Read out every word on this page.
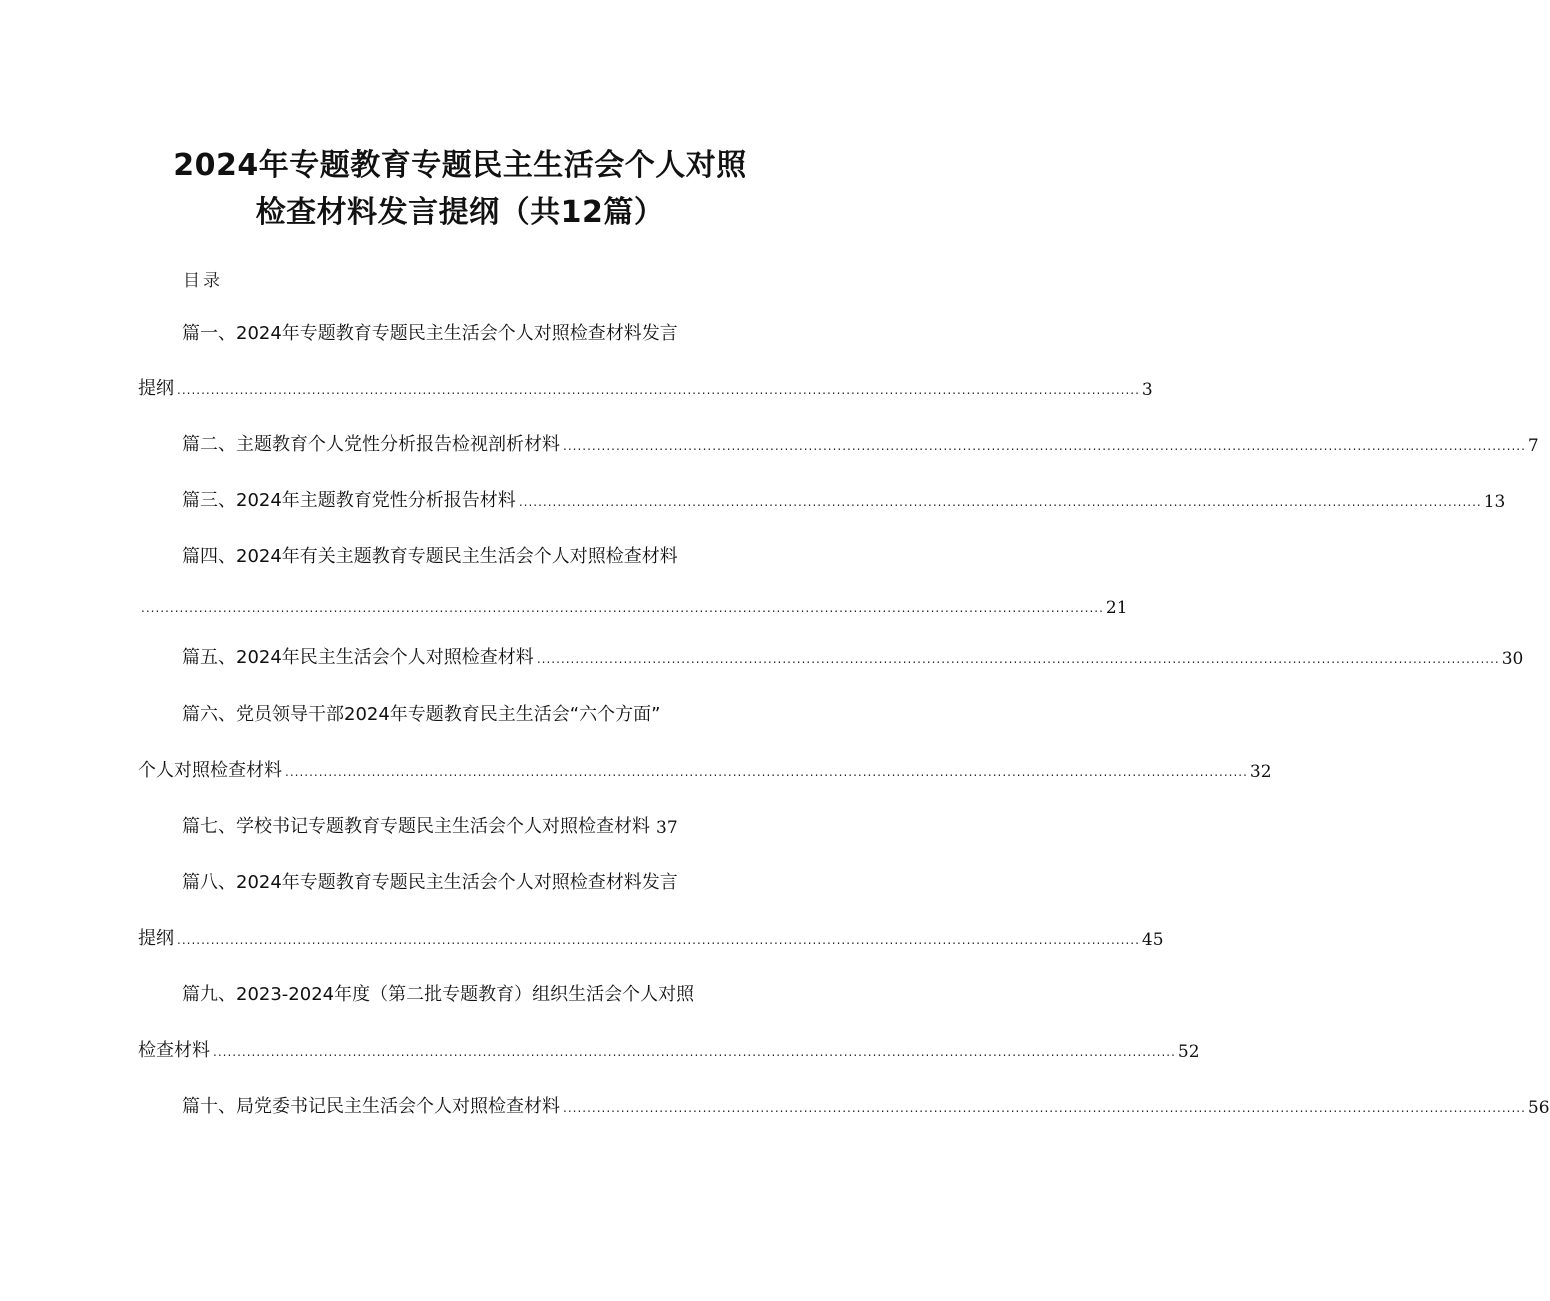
2024年专题教育专题民主生活会个人对照
检查材料发言提纲（共12篇）
目录
篇一、2024年专题教育专题民主生活会个人对照检查材料发言
提纲 ........................................................................................................................................................................................................ 3
篇二、主题教育个人党性分析报告检视剖析材料 ........................................................................................................................................................................................................ 7
篇三、2024年主题教育党性分析报告材料 ........................................................................................................................................................................................................ 13
篇四、2024年有关主题教育专题民主生活会个人对照检查材料
........................................................................................................................................................................................................ 21
篇五、2024年民主生活会个人对照检查材料 ........................................................................................................................................................................................................ 30
篇六、党员领导干部2024年专题教育民主生活会“六个方面”
个人对照检查材料 ........................................................................................................................................................................................................ 32
篇七、学校书记专题教育专题民主生活会个人对照检查材料 37
篇八、2024年专题教育专题民主生活会个人对照检查材料发言
提纲 ........................................................................................................................................................................................................ 45
篇九、2023-2024年度（第二批专题教育）组织生活会个人对照
检查材料 ........................................................................................................................................................................................................ 52
篇十、局党委书记民主生活会个人对照检查材料 ........................................................................................................................................................................................................ 56
